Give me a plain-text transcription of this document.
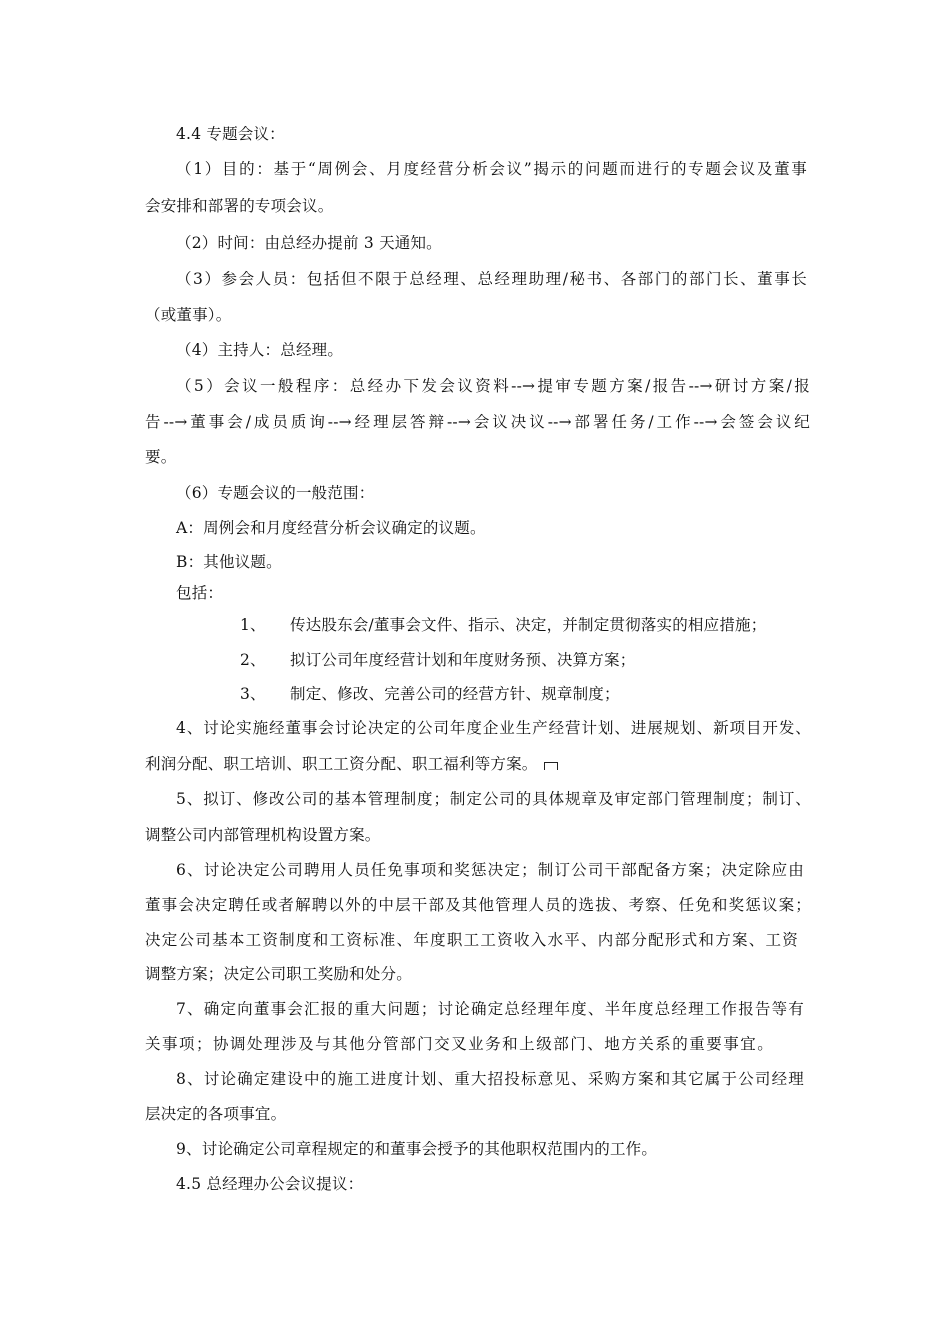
4.4 专题会议：
（1）目的：基于“周例会、月度经营分析会议”揭示的问题而进行的专题会议及董事
会安排和部署的专项会议。
（2）时间：由总经办提前 3 天通知。
（3）参会人员：包括但不限于总经理、总经理助理/秘书、各部门的部门长、董事长
（或董事）。
（4）主持人：总经理。
（5）会议一般程序：总经办下发会议资料--→提审专题方案/报告--→研讨方案/报
告--→董事会/成员质询--→经理层答辩--→会议决议--→部署任务/工作--→会签会议纪
要。
（6）专题会议的一般范围：
A：周例会和月度经营分析会议确定的议题。
B：其他议题。
包括：
1、 传达股东会/董事会文件、指示、决定，并制定贯彻落实的相应措施；
2、 拟订公司年度经营计划和年度财务预、决算方案；
3、 制定、修改、完善公司的经营方针、规章制度；
4、讨论实施经董事会讨论决定的公司年度企业生产经营计划、进展规划、新项目开发、
利润分配、职工培训、职工工资分配、职工福利等方案。
5、拟订、修改公司的基本管理制度；制定公司的具体规章及审定部门管理制度；制订、
调整公司内部管理机构设置方案。
6、讨论决定公司聘用人员任免事项和奖惩决定；制订公司干部配备方案；决定除应由
董事会决定聘任或者解聘以外的中层干部及其他管理人员的选拔、考察、任免和奖惩议案；
决定公司基本工资制度和工资标准、年度职工工资收入水平、内部分配形式和方案、工资
调整方案；决定公司职工奖励和处分。
7、确定向董事会汇报的重大问题；讨论确定总经理年度、半年度总经理工作报告等有
关事项；协调处理涉及与其他分管部门交叉业务和上级部门、地方关系的重要事宜。
8、讨论确定建设中的施工进度计划、重大招投标意见、采购方案和其它属于公司经理
层决定的各项事宜。
9、讨论确定公司章程规定的和董事会授予的其他职权范围内的工作。
4.5 总经理办公会议提议：
